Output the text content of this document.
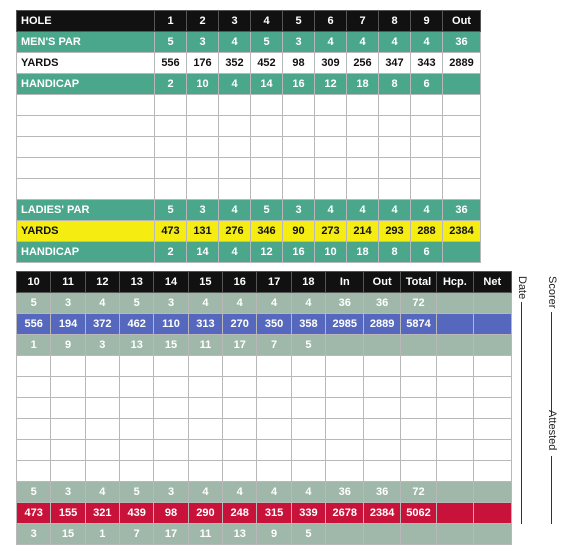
HOLE	1	2	3	4	5	6	7	8	9	Out
MEN'S PAR	5	3	4	5	3	4	4	4	4	36
YARDS	556	176	352	452	98	309	256	347	343	2889
HANDICAP	2	10	4	14	16	12	18	8	6	

LADIES' PAR	5	3	4	5	3	4	4	4	4	36
YARDS	473	131	276	346	90	273	214	293	288	2384
HANDICAP	2	14	4	12	16	10	18	8	6	
10	11	12	13	14	15	16	17	18	In	Out	Total	Hcp.	Net
5	3	4	5	3	4	4	4	4	36	36	72		
556	194	372	462	110	313	270	350	358	2985	2889	5874		
1	9	3	13	15	11	17	7	5					

5	3	4	5	3	4	4	4	4	36	36	72		
473	155	321	439	98	290	248	315	339	2678	2384	5062		
3	15	1	7	17	11	13	9	5					
Date Scorer
Attested
